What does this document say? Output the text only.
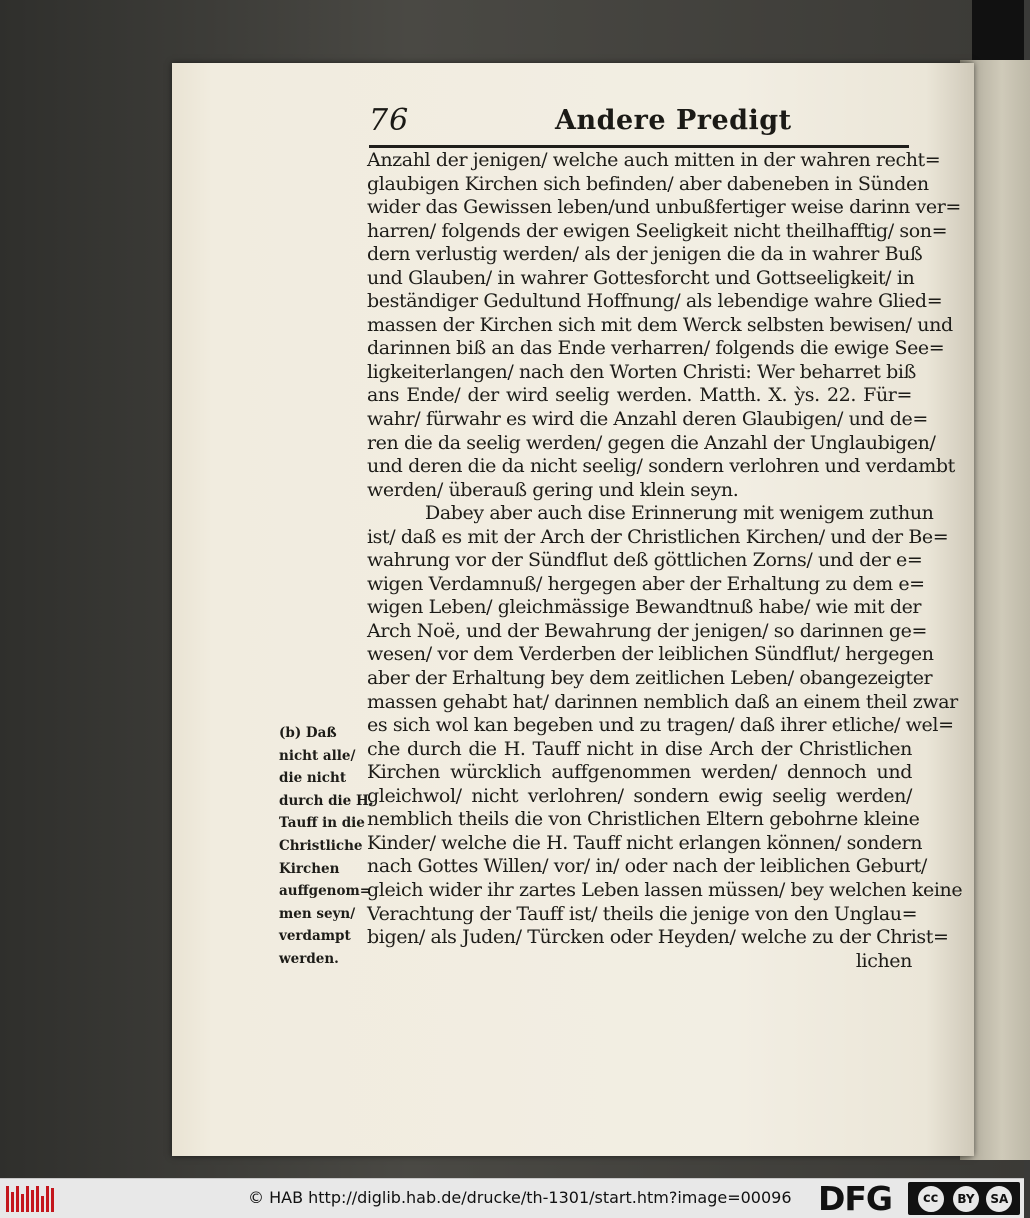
76	Andere Predigt
Anzahl der jenigen/ welche auch mitten in der wahren recht=
glaubigen Kirchen sich befinden/ aber dabeneben in Sünden
wider das Gewissen leben/und unbußfertiger weise darinn ver=
harren/ folgends der ewigen Seeligkeit nicht theilhafftig/ son=
dern verlustig werden/ als der jenigen die da in wahrer Buß
und Glauben/ in wahrer Gottesforcht und Gottseeligkeit/ in
beständiger Gedultund Hoffnung/ als lebendige wahre Glied=
massen der Kirchen sich mit dem Werck selbsten bewisen/ und
darinnen biß an das Ende verharren/ folgends die ewige See=
ligkeiterlangen/ nach den Worten Christi: Wer beharret biß
ans Ende/ der wird seelig werden. Matth. X. ỳs. 22. Für=
wahr/ fürwahr es wird die Anzahl deren Glaubigen/ und de=
ren die da seelig werden/ gegen die Anzahl der Unglaubigen/
und deren die da nicht seelig/ sondern verlohren und verdambt
werden/ überauß gering und klein seyn.
Dabey aber auch dise Erinnerung mit wenigem zuthun
ist/ daß es mit der Arch der Christlichen Kirchen/ und der Be=
wahrung vor der Sündflut deß göttlichen Zorns/ und der e=
wigen Verdamnuß/ hergegen aber der Erhaltung zu dem e=
wigen Leben/ gleichmässige Bewandtnuß habe/ wie mit der
Arch Noë, und der Bewahrung der jenigen/ so darinnen ge=
wesen/ vor dem Verderben der leiblichen Sündflut/ hergegen
aber der Erhaltung bey dem zeitlichen Leben/ obangezeigter
massen gehabt hat/ darinnen nemblich daß an einem theil zwar
es sich wol kan begeben und zu tragen/ daß ihrer etliche/ wel=
che durch die H. Tauff nicht in dise Arch der Christlichen
Kirchen würcklich auffgenommen werden/ dennoch und
gleichwol/ nicht verlohren/ sondern ewig seelig werden/
nemblich theils die von Christlichen Eltern gebohrne kleine
Kinder/ welche die H. Tauff nicht erlangen können/ sondern
nach Gottes Willen/ vor/ in/ oder nach der leiblichen Geburt/
gleich wider ihr zartes Leben lassen müssen/ bey welchen keine
Verachtung der Tauff ist/ theils die jenige von den Unglau=
bigen/ als Juden/ Türcken oder Heyden/ welche zu der Christ=
lichen
(b) Daß
nicht alle/
die nicht
durch die H.
Tauff in die
Christliche
Kirchen
auffgenom=
men seyn/
verdampt
werden.
© HAB http://diglib.hab.de/drucke/th-1301/start.htm?image=00096 DFG	cc	BY	SA
